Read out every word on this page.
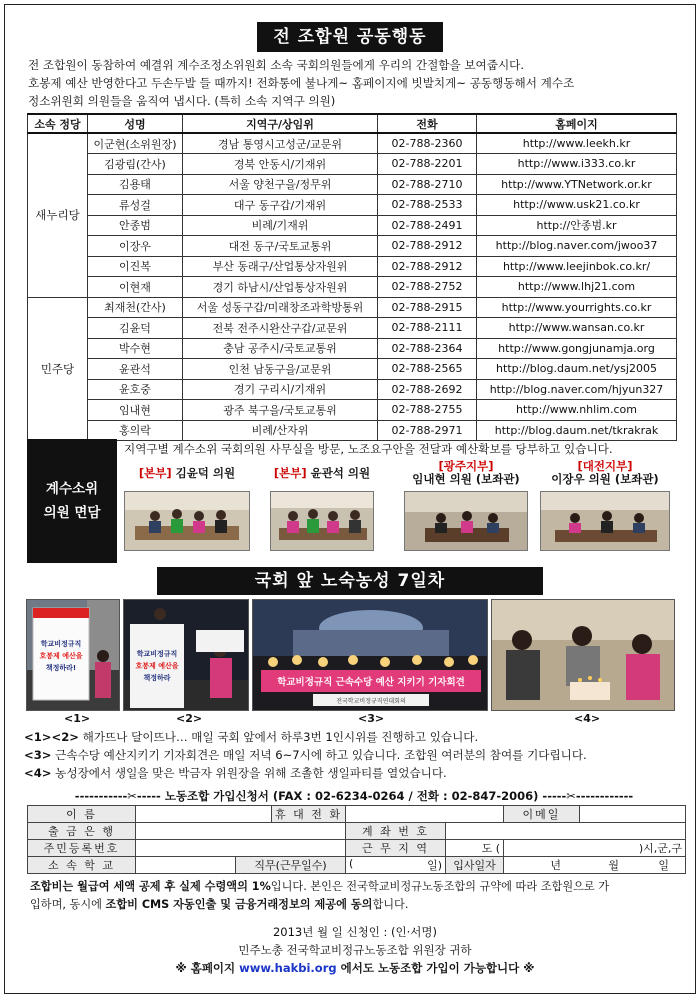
전 조합원 공동행동

전 조합원이 동참하여 예결위 계수조정소위원회 소속 국회의원들에게 우리의 간절함을 보여줍시다.

호봉제 예산 반영한다고 두손두발 들 때까지! 전화통에 불나게~ 홈페이지에 빗발치게~ 공동행동해서 계수조

정소위원회 의원들을 움직여 냅시다. (특히 소속 지역구 의원)

소속 정당	성명	지역구/상임위	전화	홈페이지
새누리당	이군현(소위원장)	경남 통영시고성군/교문위	02-788-2360	http://www.leekh.kr
	김광림(간사)	경북 안동시/기재위	02-788-2201	http://www.i333.co.kr
	김용태	서울 양천구을/정무위	02-788-2710	http://www.YTNetwork.or.kr
	류성걸	대구 동구갑/기재위	02-788-2533	http://www.usk21.co.kr
	안종범	비례/기재위	02-788-2491	http://안종범.kr
	이장우	대전 동구/국토교통위	02-788-2912	http://blog.naver.com/jwoo37
	이진복	부산 동래구/산업통상자원위	02-788-2912	http://www.leejinbok.co.kr/
	이현재	경기 하남시/산업통상자원위	02-788-2752	http://www.lhj21.com
민주당	최재천(간사)	서울 성동구갑/미래창조과학방통위	02-788-2915	http://www.yourrights.co.kr
	김윤덕	전북 전주시완산구갑/교문위	02-788-2111	http://www.wansan.co.kr
	박수현	충남 공주시/국토교통위	02-788-2364	http://www.gongjunamja.org
	윤관석	인천 남동구을/교문위	02-788-2565	http://blog.daum.net/ysj2005
	윤호중	경기 구리시/기재위	02-788-2692	http://blog.naver.com/hjyun327
	임내현	광주 북구을/국토교통위	02-788-2755	http://www.nhlim.com
	홍의락	비례/산자위	02-788-2971	http://blog.daum.net/tkrakrak
계수소위
의원 면담
지역구별 계수소위 국회의원 사무실을 방문, 노조요구안을 전달과 예산확보를 당부하고 있습니다.
[본부] 김윤덕 의원	[본부] 윤관석 의원	[광주지부]
임내현 의원 (보좌관)
[대전지부]
이장우 의원 (보좌관)
국회 앞 노숙농성 7일차
학교비정규직
호봉제 예산을
책정하라!
학교비정규직
호봉제 예산을
책정하라	학교비정규직 근속수당 예산 지키기 기자회견
전국학교비정규직연대회의
<1>	<2>	<3>	<4>

<1><2> 해가뜨나 달이뜨나… 매일 국회 앞에서 하루3번 1인시위를 진행하고 있습니다.

<3> 근속수당 예산지키기 기자회견은 매일 저녁 6~7시에 하고 있습니다. 조합원 여러분의 참여를 기다립니다.

<4> 농성장에서 생일을 맞은 박금자 위원장을 위해 조촐한 생일파티를 열었습니다.

-----------✂----- 노동조합 가입신청서 (FAX : 02-6234-0264 / 전화 : 02-847-2006) -----✂------------
이 름			휴 대 전 화			이메일	
출 금 은 행				계 좌 번 호			
주민등록번호				근 무 지 역	도 (	)시,군,구	
소 속 학 교		직무(근무일수)		( 일)	입사일자	년 월 일	

조합비는 월급여 세액 공제 후 실제 수령액의 1%입니다. 본인은 전국학교비정규노동조합의 규약에 따라 조합원으로 가

입하며, 동시에 조합비 CMS 자동인출 및 금융거래정보의 제공에 동의합니다.

2013년 월 일 신청인 : (인·서명)
민주노총 전국학교비정규노동조합 위원장 귀하
※ 홈페이지 www.hakbi.org 에서도 노동조합 가입이 가능합니다 ※
